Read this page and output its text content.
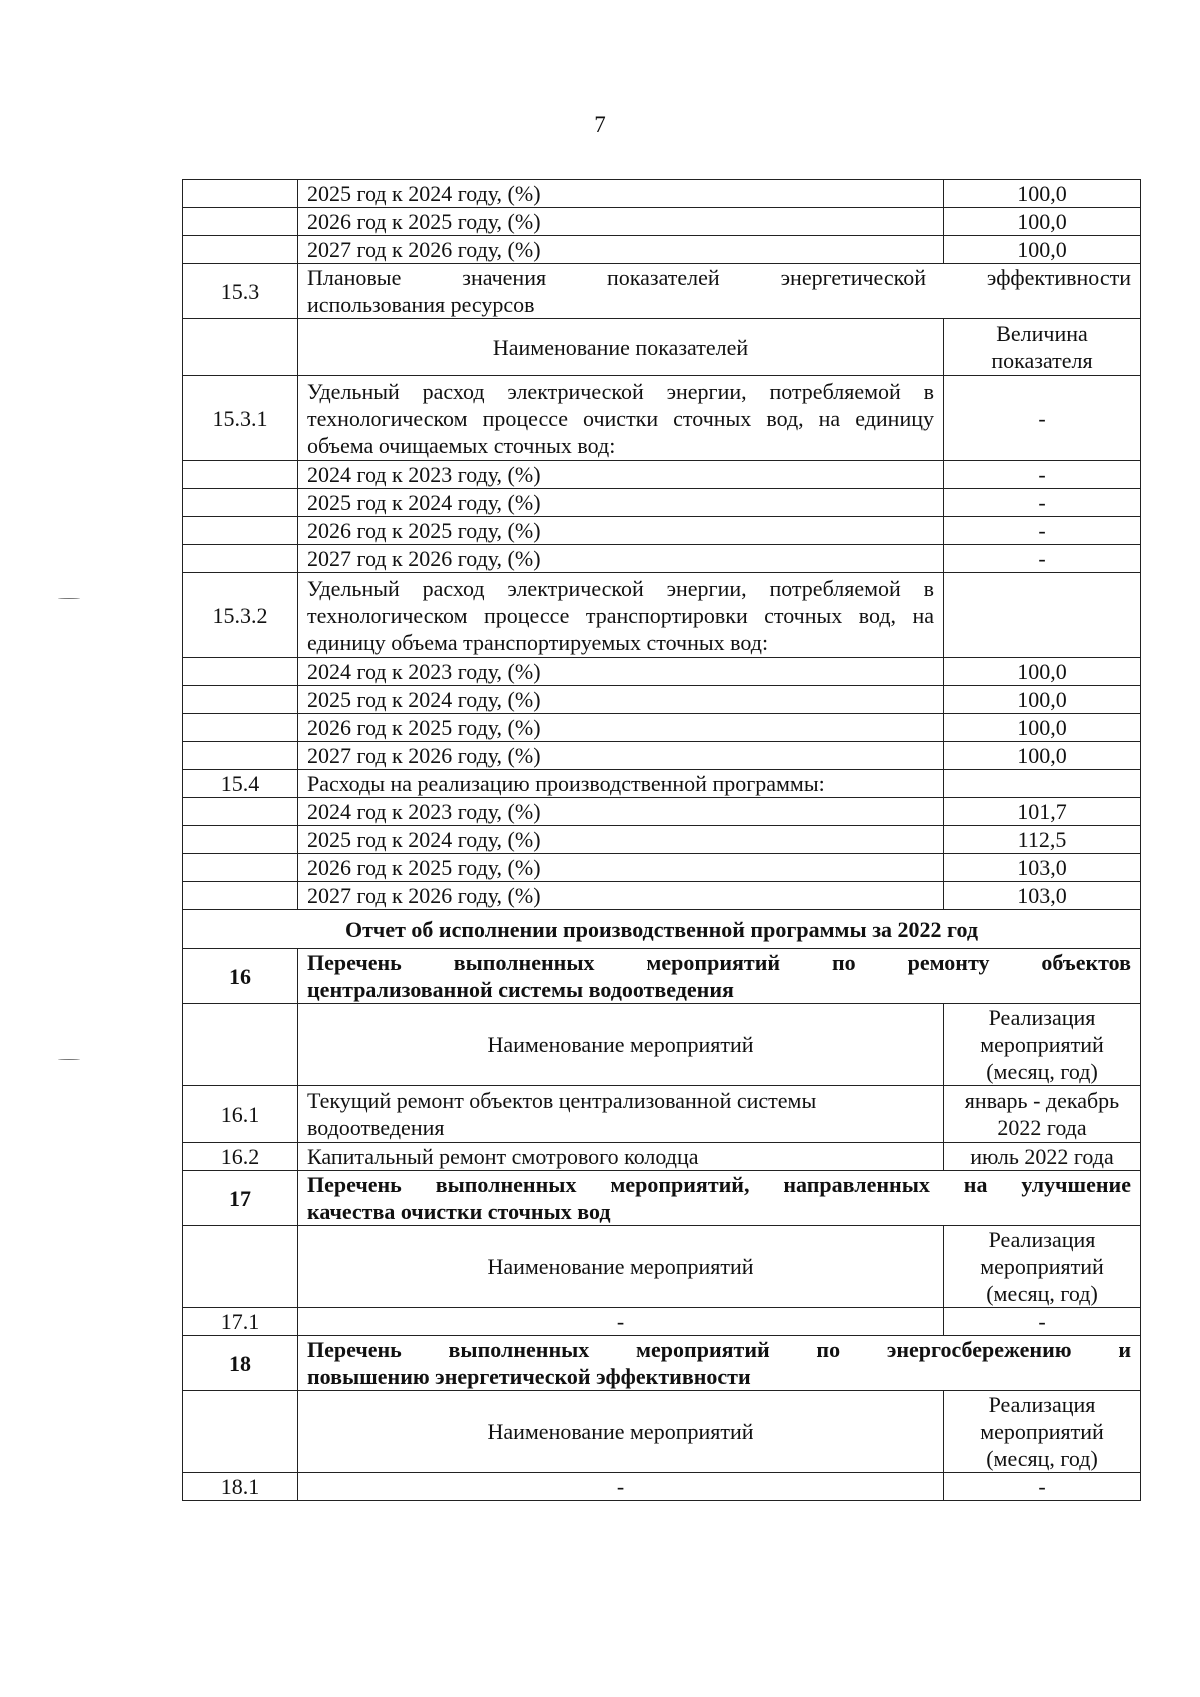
7
	2025 год к 2024 году, (%)	100,0
	2026 год к 2025 году, (%)	100,0
	2027 год к 2026 году, (%)	100,0
15.3	Плановые значения показателей энергетической эффективности
использования ресурсов	
	Наименование показателей	Величина показателя
15.3.1	Удельный расход электрической энергии, потребляемой в технологическом процессе очистки сточных вод, на единицу объема очищаемых сточных вод:	-
	2024 год к 2023 году, (%)	-
	2025 год к 2024 году, (%)	-
	2026 год к 2025 году, (%)	-
	2027 год к 2026 году, (%)	-
15.3.2	Удельный расход электрической энергии, потребляемой в технологическом процессе транспортировки сточных вод, на единицу объема транспортируемых сточных вод:	
	2024 год к 2023 году, (%)	100,0
	2025 год к 2024 году, (%)	100,0
	2026 год к 2025 году, (%)	100,0
	2027 год к 2026 году, (%)	100,0
15.4	Расходы на реализацию производственной программы:	
	2024 год к 2023 году, (%)	101,7
	2025 год к 2024 году, (%)	112,5
	2026 год к 2025 году, (%)	103,0
	2027 год к 2026 году, (%)	103,0
Отчет об исполнении производственной программы за 2022 год		
16	Перечень выполненных мероприятий по ремонту объектов
централизованной системы водоотведения	
	Наименование мероприятий	Реализация мероприятий (месяц, год)
16.1	Текущий ремонт объектов централизованной системы водоотведения	январь - декабрь 2022 года
16.2	Капитальный ремонт смотрового колодца	июль 2022 года
17	Перечень выполненных мероприятий, направленных на улучшение
качества очистки сточных вод	
	Наименование мероприятий	Реализация мероприятий (месяц, год)
17.1	-	-
18	Перечень выполненных мероприятий по энергосбережению и
повышению энергетической эффективности	
	Наименование мероприятий	Реализация мероприятий (месяц, год)
18.1	-	-
